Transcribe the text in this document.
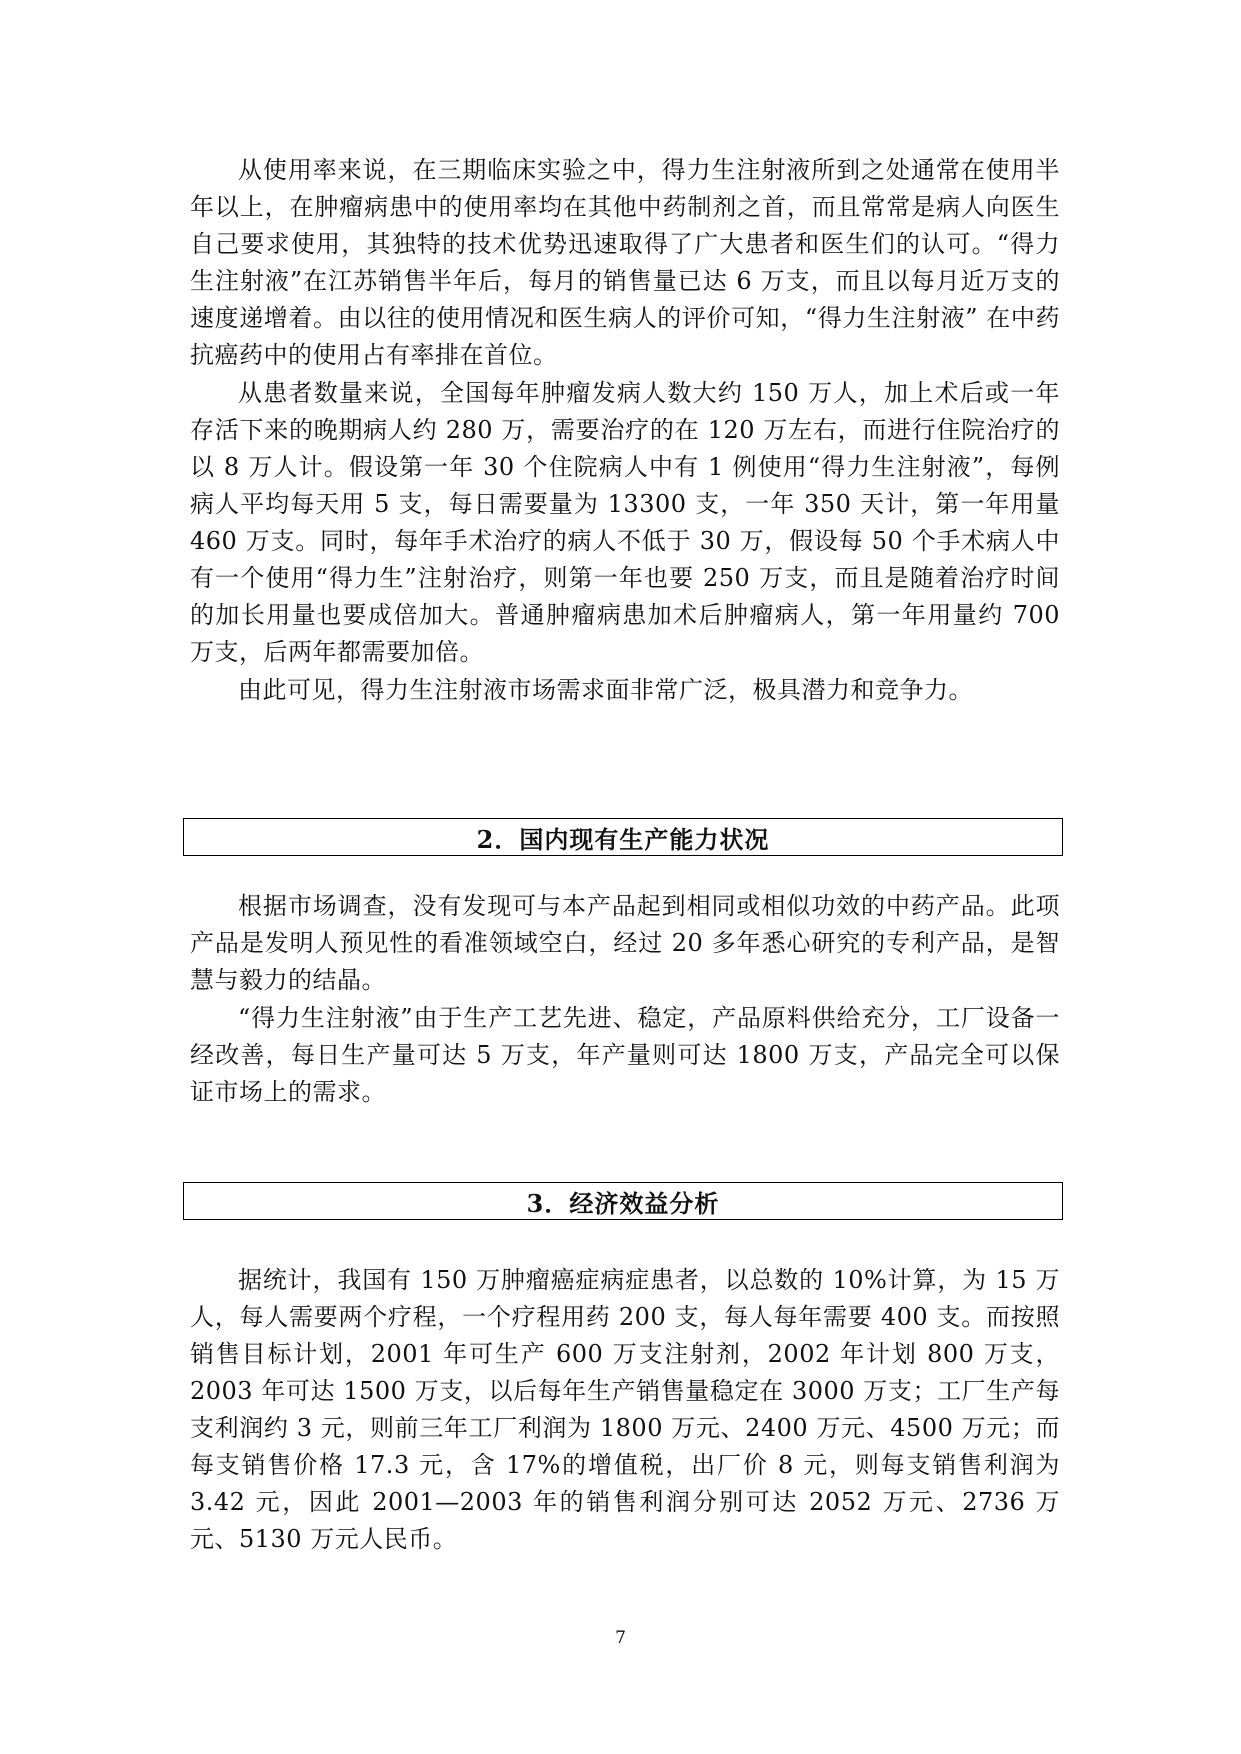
从使用率来说，在三期临床实验之中，得力生注射液所到之处通常在使用半年以上，在肿瘤病患中的使用率均在其他中药制剂之首，而且常常是病人向医生自己要求使用，其独特的技术优势迅速取得了广大患者和医生们的认可。“得力生注射液”在江苏销售半年后，每月的销售量已达 6 万支，而且以每月近万支的速度递增着。由以往的使用情况和医生病人的评价可知，“得力生注射液” 在中药抗癌药中的使用占有率排在首位。

从患者数量来说，全国每年肿瘤发病人数大约 150 万人，加上术后或一年存活下来的晚期病人约 280 万，需要治疗的在 120 万左右，而进行住院治疗的以 8 万人计。假设第一年 30 个住院病人中有 1 例使用“得力生注射液”，每例病人平均每天用 5 支，每日需要量为 13300 支，一年 350 天计，第一年用量 460 万支。同时，每年手术治疗的病人不低于 30 万，假设每 50 个手术病人中有一个使用“得力生”注射治疗，则第一年也要 250 万支，而且是随着治疗时间的加长用量也要成倍加大。普通肿瘤病患加术后肿瘤病人，第一年用量约 700 万支，后两年都需要加倍。

由此可见，得力生注射液市场需求面非常广泛，极具潜力和竞争力。

2．国内现有生产能力状况

根据市场调查，没有发现可与本产品起到相同或相似功效的中药产品。此项产品是发明人预见性的看准领域空白，经过 20 多年悉心研究的专利产品，是智慧与毅力的结晶。

“得力生注射液”由于生产工艺先进、稳定，产品原料供给充分，工厂设备一经改善，每日生产量可达 5 万支，年产量则可达 1800 万支，产品完全可以保证市场上的需求。

3．经济效益分析

据统计，我国有 150 万肿瘤癌症病症患者，以总数的 10%计算，为 15 万人，每人需要两个疗程，一个疗程用药 200 支，每人每年需要 400 支。而按照销售目标计划，2001 年可生产 600 万支注射剂，2002 年计划 800 万支，2003 年可达 1500 万支，以后每年生产销售量稳定在 3000 万支；工厂生产每支利润约 3 元，则前三年工厂利润为 1800 万元、2400 万元、4500 万元；而每支销售价格 17.3 元，含 17%的增值税，出厂价 8 元，则每支销售利润为 3.42 元，因此 2001—2003 年的销售利润分别可达 2052 万元、2736 万元、5130 万元人民币。

7
